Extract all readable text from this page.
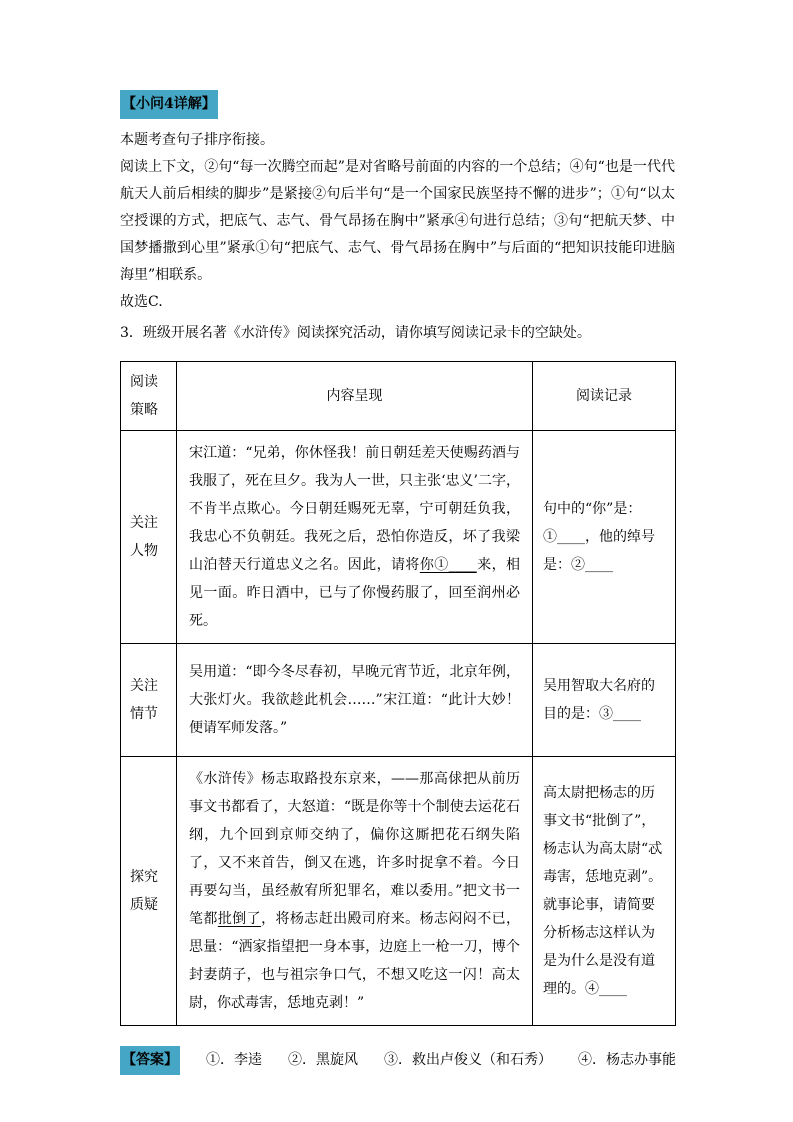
【小问4详解】

本题考查句子排序衔接。

阅读上下文，②句“每一次腾空而起”是对省略号前面的内容的一个总结；④句“也是一代代航天人前后相续的脚步”是紧接②句后半句“是一个国家民族坚持不懈的进步”；①句“以太空授课的方式，把底气、志气、骨气昂扬在胸中”紧承④句进行总结；③句“把航天梦、中国梦播撒到心里”紧承①句“把底气、志气、骨气昂扬在胸中”与后面的“把知识技能印进脑海里”相联系。

故选C.

3．班级开展名著《水浒传》阅读探究活动，请你填写阅读记录卡的空缺处。

阅读策略	内容呈现	阅读记录
关注人物	宋江道：“兄弟，你休怪我！前日朝廷差天使赐药酒与我服了，死在旦夕。我为人一世，只主张‘忠义’二字，不肯半点欺心。今日朝廷赐死无辜，宁可朝廷负我，我忠心不负朝廷。我死之后，恐怕你造反，坏了我梁山泊替天行道忠义之名。因此，请将你①____来，相见一面。昨日酒中，已与了你慢药服了，回至润州必死。	句中的“你”是：①____，他的绰号是：②____
关注情节	吴用道：“即今冬尽春初，早晚元宵节近，北京年例，大张灯火。我欲趁此机会……”宋江道：“此计大妙！便请军师发落。”	吴用智取大名府的目的是：③____
探究质疑	《水浒传》杨志取路投东京来，——那高俅把从前历事文书都看了，大怒道：“既是你等十个制使去运花石纲，九个回到京师交纳了，偏你这厮把花石纲失陷了，又不来首告，倒又在逃，许多时捉拿不着。今日再要勾当，虽经赦宥所犯罪名，难以委用。”把文书一笔都批倒了，将杨志赶出殿司府来。杨志闷闷不已，思量：“洒家指望把一身本事，边庭上一枪一刀，博个封妻荫子，也与祖宗争口气，不想又吃这一闪！高太尉，你忒毒害，恁地克剥！”	高太尉把杨志的历事文书“批倒了”，杨志认为高太尉“忒毒害，恁地克剥”。就事论事，请简要分析杨志这样认为是为什么是没有道理的。④____
【答案】 ①．李逵 ②．黑旋风 ③．救出卢俊义（和石秀） ④．杨志办事能
